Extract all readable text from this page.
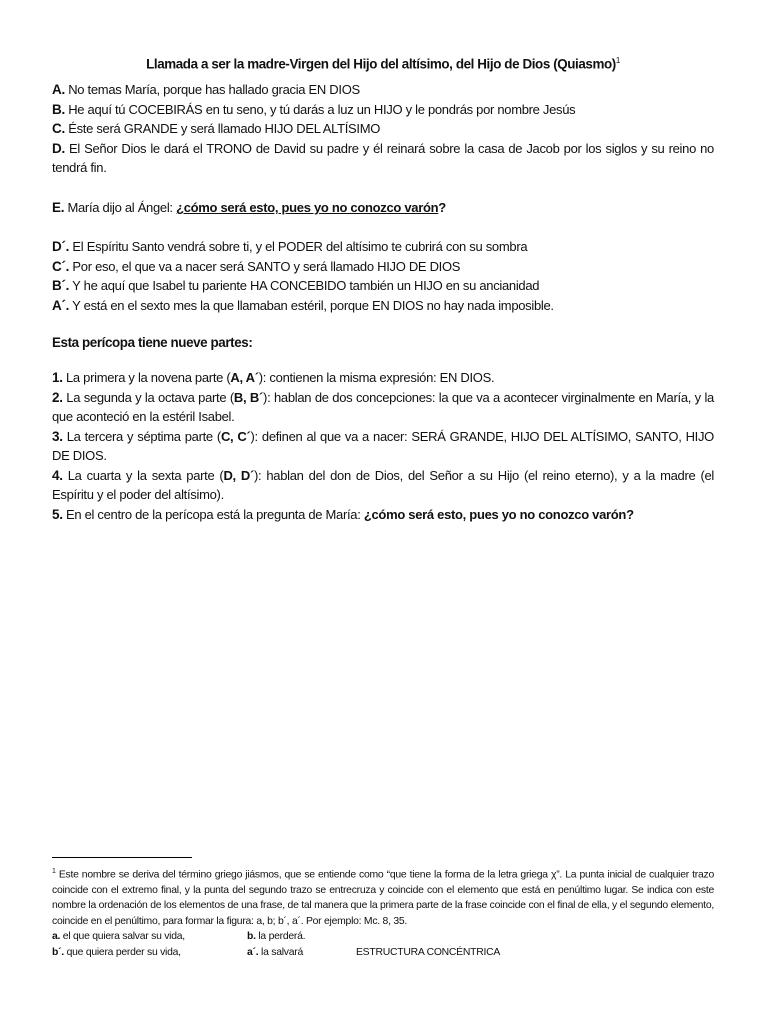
Llamada a ser la madre-Virgen del Hijo del altísimo, del Hijo de Dios (Quiasmo)$^1$

A. No temas María, porque has hallado gracia EN DIOS

B. He aquí tú COCEBIRÁS en tu seno, y tú darás a luz un HIJO y le pondrás por nombre Jesús

C. Éste será GRANDE y será llamado HIJO DEL ALTÍSIMO

D. El Señor Dios le dará el TRONO de David su padre y él reinará sobre la casa de Jacob por los siglos y su reino no tendrá fin.

E. María dijo al Ángel: ¿cómo será esto, pues yo no conozco varón?

D´. El Espíritu Santo vendrá sobre ti, y el PODER del altísimo te cubrirá con su sombra

C´. Por eso, el que va a nacer será SANTO y será llamado HIJO DE DIOS

B´. Y he aquí que Isabel tu pariente HA CONCEBIDO también un HIJO en su ancianidad

A´. Y está en el sexto mes la que llamaban estéril, porque EN DIOS no hay nada imposible.

Esta perícopa tiene nueve partes:

1. La primera y la novena parte (A, A´): contienen la misma expresión: EN DIOS.

2. La segunda y la octava parte (B, B´): hablan de dos concepciones: la que va a acontecer virginalmente en María, y la que aconteció en la estéril Isabel.

3. La tercera y séptima parte (C, C´): definen al que va a nacer: SERÁ GRANDE, HIJO DEL ALTÍSIMO, SANTO, HIJO DE DIOS.

4. La cuarta y la sexta parte (D, D´): hablan del don de Dios, del Señor a su Hijo (el reino eterno), y a la madre (el Espíritu y el poder del altísimo).

5. En el centro de la perícopa está la pregunta de María: ¿cómo será esto, pues yo no conozco varón?

$^1$ Este nombre se deriva del término griego jiásmos, que se entiende como “que tiene la forma de la letra griega χ”. La punta inicial de cualquier trazo coincide con el extremo final, y la punta del segundo trazo se entrecruza y coincide con el elemento que está en penúltimo lugar. Se indica con este nombre la ordenación de los elementos de una frase, de tal manera que la primera parte de la frase coincide con el final de ella, y el segundo elemento, coincide en el penúltimo, para formar la figura: a, b; b´, a´. Por ejemplo: Mc. 8, 35.

a. el que quiera salvar su vida,	b. la perderá.
b´. que quiera perder su vida,	a´. la salvará	ESTRUCTURA CONCÉNTRICA
